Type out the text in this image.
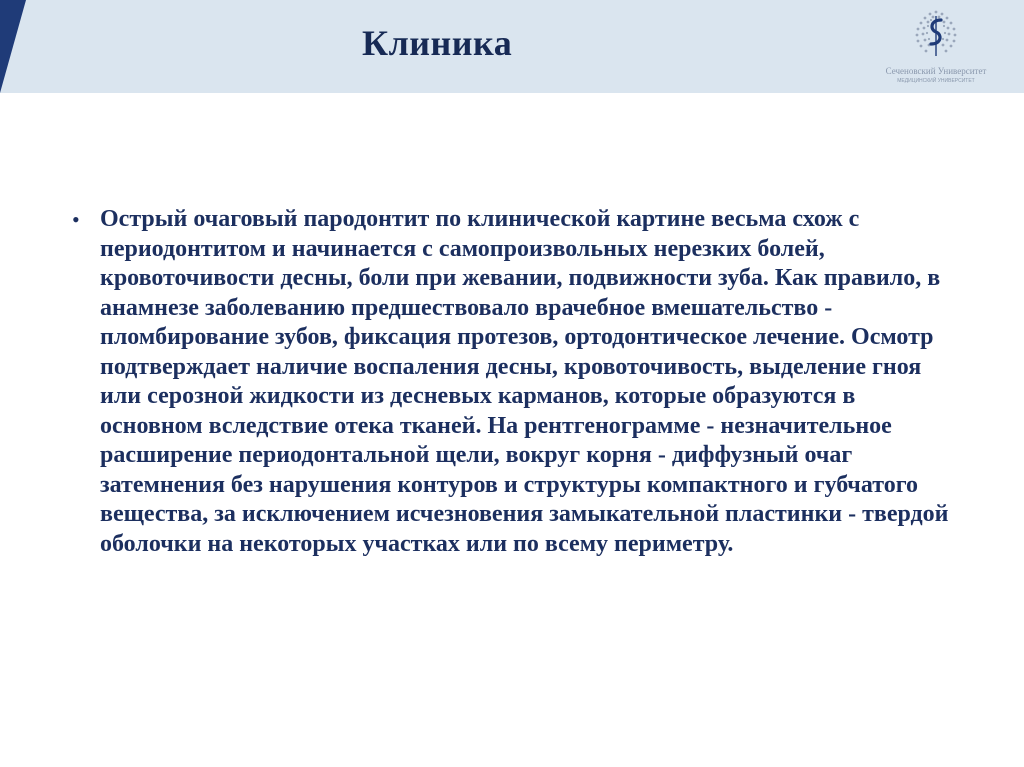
Клиника
Сеченовский Университет
МЕДИЦИНСКИЙ УНИВЕРСИТЕТ
• Острый очаговый пародонтит по клинической картине весьма схож с периодонтитом и начинается с самопроизвольных нерезких болей, кровоточивости десны, боли при жевании, подвижности зуба. Как правило, в анамнезе заболеванию предшествовало врачебное вмешательство - пломбирование зубов, фиксация протезов, ортодонтическое лечение. Осмотр подтверждает наличие воспаления десны, кровоточивость, выделение гноя или серозной жидкости из десневых карманов, которые образуются в основном вследствие отека тканей. На рентгенограмме - незначительное расширение периодонтальной щели, вокруг корня - диффузный очаг затемнения без нарушения контуров и структуры компактного и губчатого вещества, за исключением исчезновения замыкательной пластинки - твердой оболочки на некоторых участках или по всему периметру.
